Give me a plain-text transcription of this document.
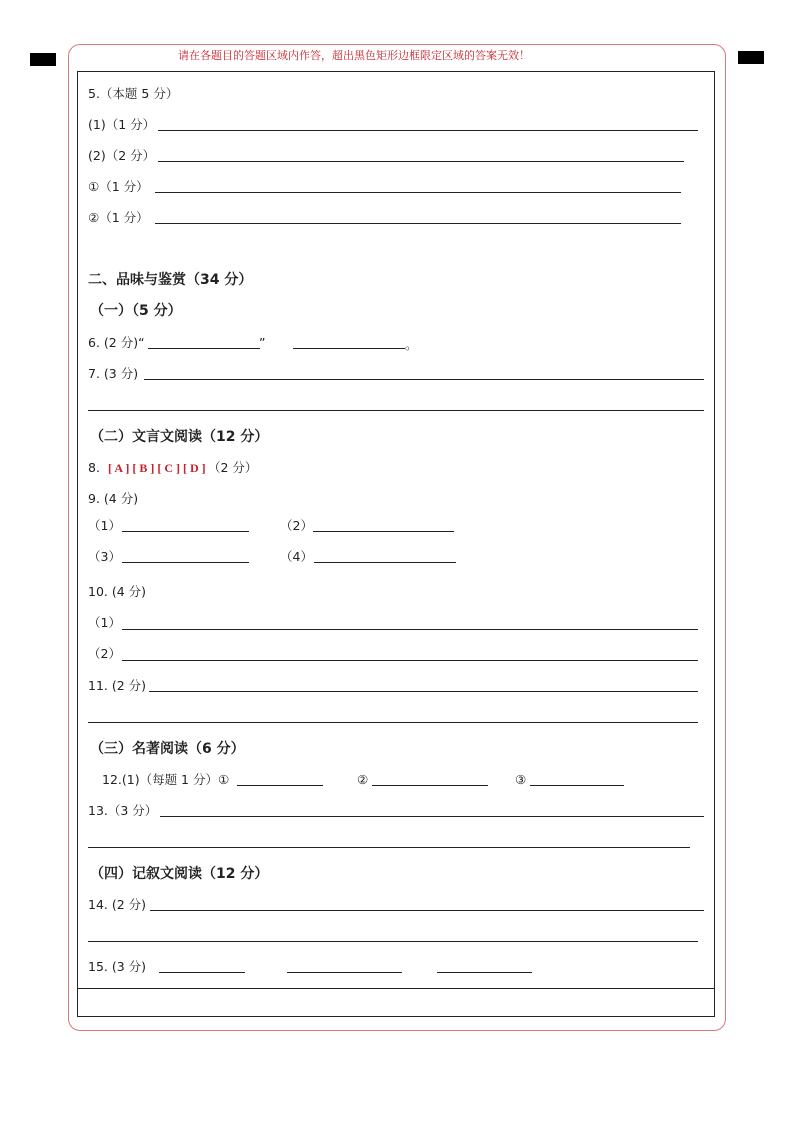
请在各题目的答题区域内作答，超出黑色矩形边框限定区域的答案无效！
5.（本题 5 分）
(1)（1 分）
(2)（2 分）
①（1 分）
②（1 分）
二、品味与鉴赏（34 分）
（一）（5 分）
6. (2 分)“	”	。
7. (3 分)
（二）文言文阅读（12 分）
8. [ A ] [ B ] [ C ] [ D ] （2 分）
9. (4 分)
（1）	（2）
（3）	（4）
10. (4 分)
（1）
（2）
11. (2 分)
（三）名著阅读（6 分）
12.(1)（每题 1 分）①	②	③
13.（3 分）
（四）记叙文阅读（12 分）
14. (2 分)
15. (3 分)
